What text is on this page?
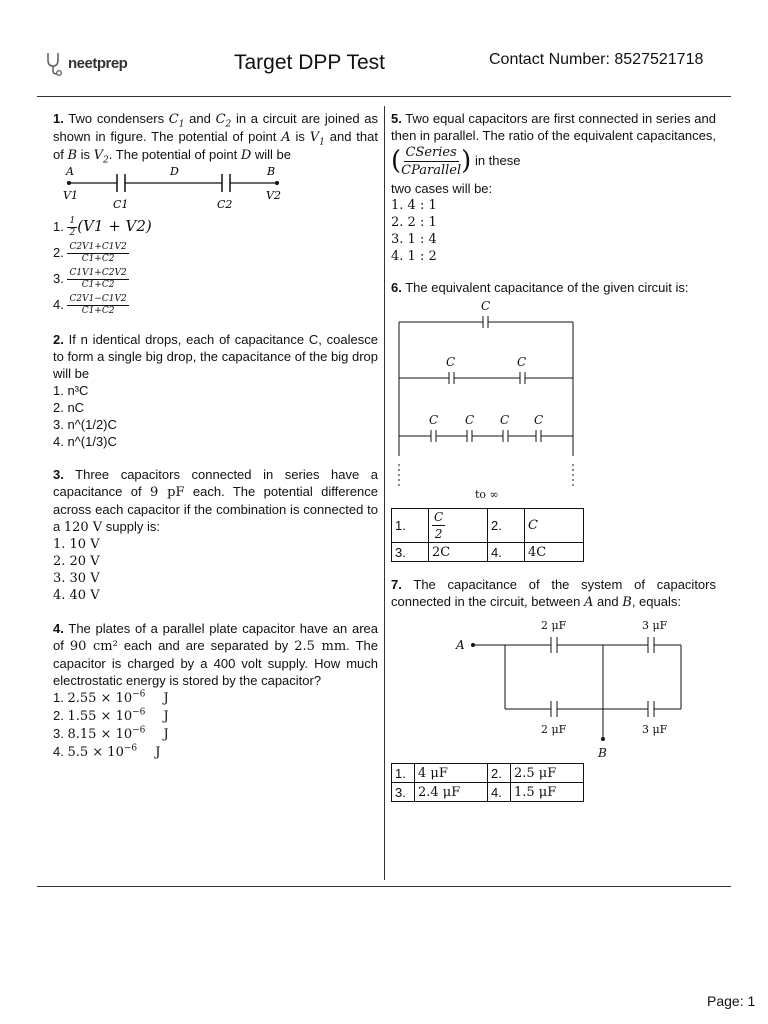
neetprep	Target DPP Test	Contact Number: 8527521718
1. Two condensers $C_1$ and $C_2$ in a circuit are joined as shown in figure. The potential of point A is $V_1$ and that of B is $V_2$. The potential of point D will be
A	D	B
V1
C1	C2
V2
1. $\frac{1}{2} (V1 + V2)$
2. $\frac{C2V1+C1V2}{C1+C2}$
3. $\frac{C1V1+C2V2}{C1+C2}$
4. $\frac{C2V1-C1V2}{C1+C2}$
2. If n identical drops, each of capacitance C, coalesce to form a single big drop, the capacitance of the big drop will be
1. n³C
2. nC
3. n^(1/2)C
4. n^(1/3)C
3. Three capacitors connected in series have a capacitance of 9 pF each. The potential difference across each capacitor if the combination is connected to a 120 V supply is:
1. 10 V
2. 20 V
3. 30 V
4. 40 V
4. The plates of a parallel plate capacitor have an area of 90 cm² each and are separated by 2.5 mm. The capacitor is charged by a 400 volt supply. How much electrostatic energy is stored by the capacitor?
1. $2.55 \times 10^{-6}$ J
2. $1.55 \times 10^{-6}$ J
3. $8.15 \times 10^{-6}$ J
4. $5.5 \times 10^{-6}$ J
5. Two equal capacitors are first connected in series and then in parallel. The ratio of the equivalent capacitances, ( CSeries
CParallel ) in these
two cases will be:
1. 4 : 1
2. 2 : 1
3. 1 : 4
4. 1 : 2
6. The equivalent capacitance of the given circuit is:
C
C	C
C C C C
to ∞
1.	$\frac{C}{2}$	2.	C
3.	2C	4.	4C
7. The capacitance of the system of capacitors connected in the circuit, between A and B, equals:
2 μF	3 μF
2 μF	3 μF
A
B
1.	4 μF	2.	2.5 μF
3.	2.4 μF	4.	1.5 μF
Page: 1
